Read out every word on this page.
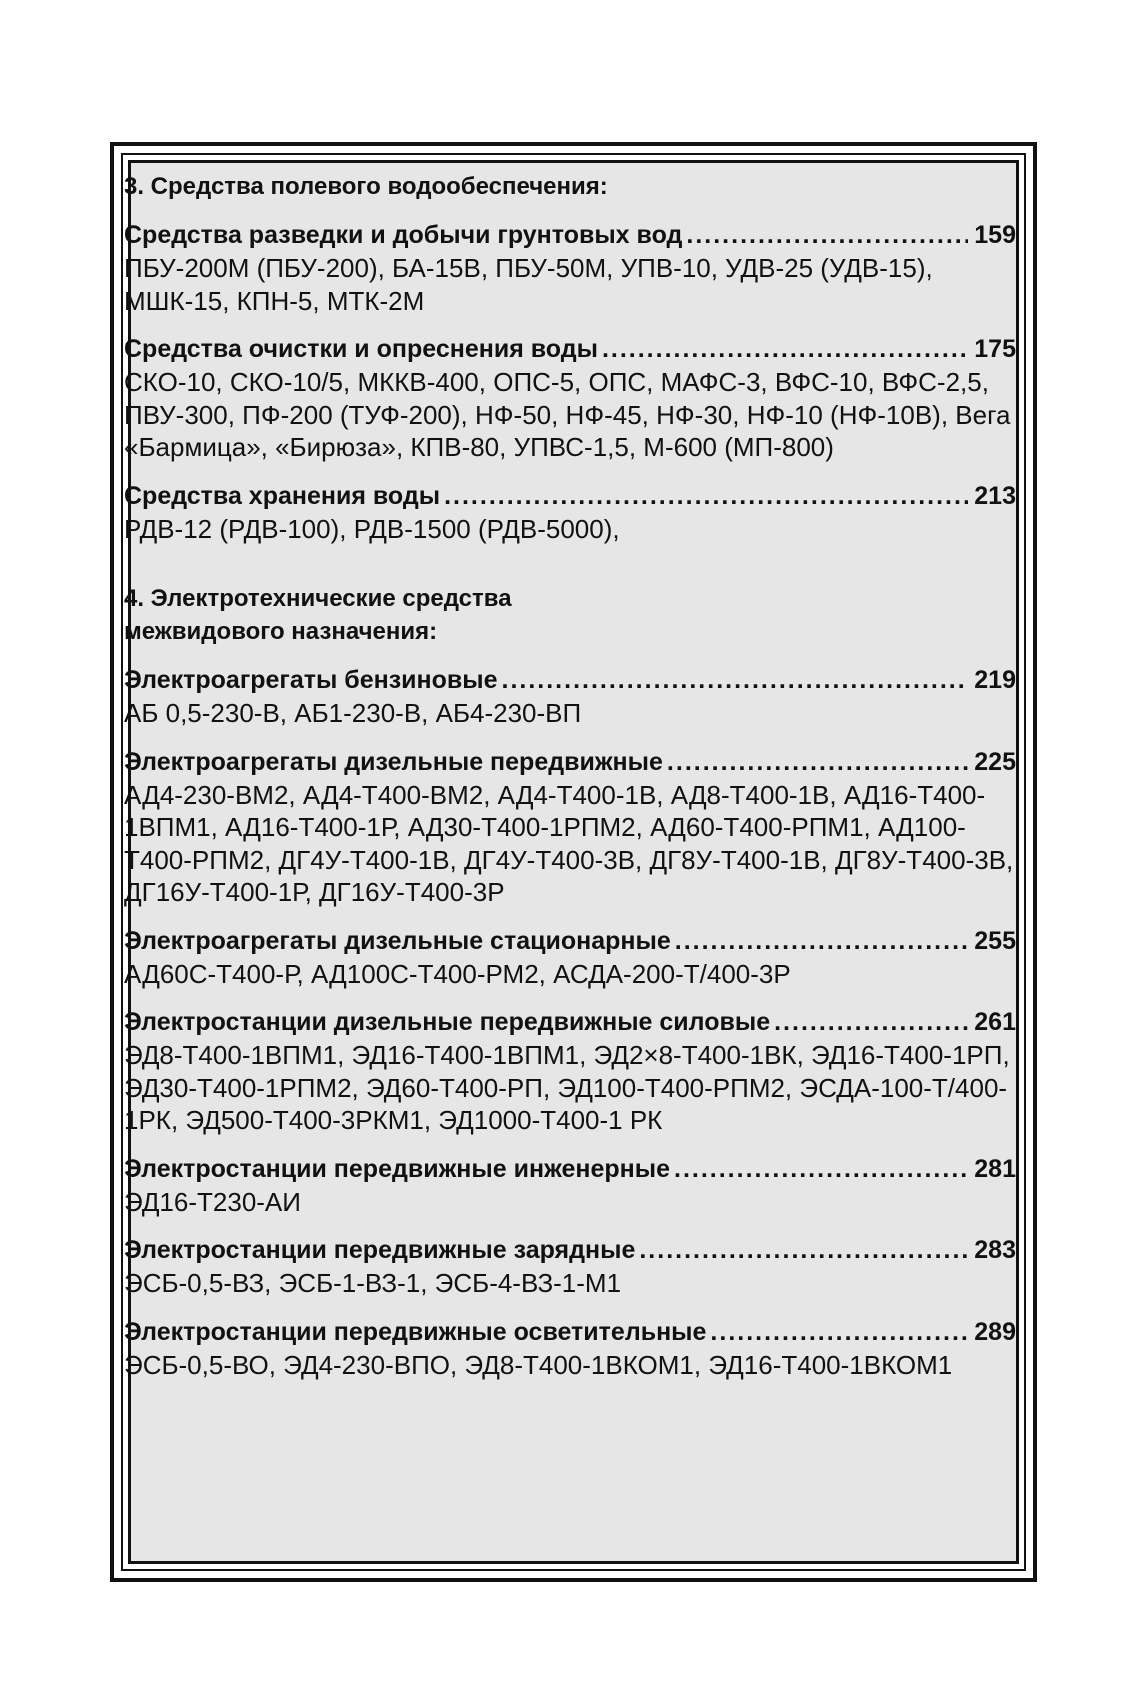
3. Средства полевого водообеспечения:

Средства разведки и добычи грунтовых вод .....	159

ПБУ-200М (ПБУ-200), БА-15В, ПБУ-50М, УПВ-10, УДВ-25 (УДВ-15), МШК-15, КПН-5, МТК-2М

Средства очистки и опреснения воды .....	175

СКО-10, СКО-10/5, МККВ-400, ОПС-5, ОПС, МАФС-3, ВФС-10, ВФС-2,5, ПВУ-300, ПФ-200 (ТУФ-200), НФ-50, НФ-45, НФ-30, НФ-10 (НФ-10В), Вега «Бармица», «Бирюза», КПВ-80, УПВС-1,5, М-600 (МП-800)

Средства хранения воды .....	213

РДВ-12 (РДВ-100), РДВ-1500 (РДВ-5000),

4. Электротехнические средства
межвидового назначения:

Электроагрегаты бензиновые .....	219

АБ 0,5-230-В, АБ1-230-В, АБ4-230-ВП

Электроагрегаты дизельные передвижные .....	225

АД4-230-ВМ2, АД4-Т400-ВМ2, АД4-Т400-1В, АД8-Т400-1В, АД16-Т400-1ВПМ1, АД16-Т400-1Р, АД30-Т400-1РПМ2, АД60-Т400-РПМ1, АД100-Т400-РПМ2, ДГ4У-Т400-1В, ДГ4У-Т400-3В, ДГ8У-Т400-1В, ДГ8У-Т400-3В, ДГ16У-Т400-1Р, ДГ16У-Т400-3Р

Электроагрегаты дизельные стационарные .....	255

АД60С-Т400-Р, АД100С-Т400-РМ2, АСДА-200-Т/400-3Р

Электростанции дизельные передвижные силовые .....	261

ЭД8-Т400-1ВПМ1, ЭД16-Т400-1ВПМ1, ЭД2×8-Т400-1ВК, ЭД16-Т400-1РП, ЭД30-Т400-1РПМ2, ЭД60-Т400-РП, ЭД100-Т400-РПМ2, ЭСДА-100-Т/400-1РК, ЭД500-Т400-3РКМ1, ЭД1000-Т400-1 РК

Электростанции передвижные инженерные .....	281

ЭД16-Т230-АИ

Электростанции передвижные зарядные .....	283

ЭСБ-0,5-ВЗ, ЭСБ-1-ВЗ-1, ЭСБ-4-ВЗ-1-М1

Электростанции передвижные осветительные .....	289

ЭСБ-0,5-ВО, ЭД4-230-ВПО, ЭД8-Т400-1ВКОМ1, ЭД16-Т400-1ВКОМ1
